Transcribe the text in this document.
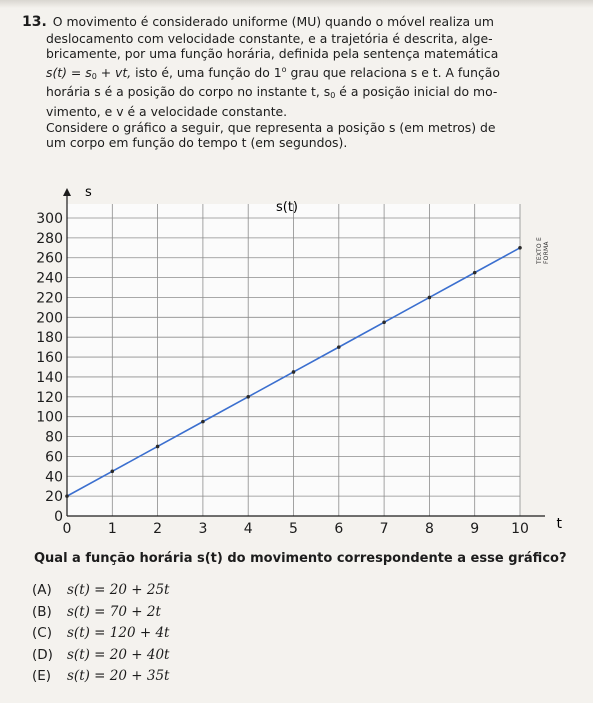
13. O movimento é considerado uniforme (MU) quando o móvel realiza um

deslocamento com velocidade constante, e a trajetória é descrita, alge-

bricamente, por uma função horária, definida pela sentença matemática

$s(t) = s_0$ + vt, isto é, uma função do 1$^o$ grau que relaciona s e t. A função

horária s é a posição do corpo no instante t, $s_0$ é a posição inicial do mo-

vimento, e v é a velocidade constante.

Considere o gráfico a seguir, que representa a posição s (em metros) de

um corpo em função do tempo t (em segundos).

0
20
40
60
80
100
120
140
160
180
200
220
240
260
280
300
0	1	2	3	4	5	6	7	8	9 10
s(t)
t
s
TEXTO E FORMA
Qual a função horária s(t) do movimento correspondente a esse gráfico?
(A)	s(t) = 20 + 25t
(B)	s(t) = 70 + 2t
(C)	s(t) = 120 + 4t
(D)	s(t) = 20 + 40t
(E)	s(t) = 20 + 35t
